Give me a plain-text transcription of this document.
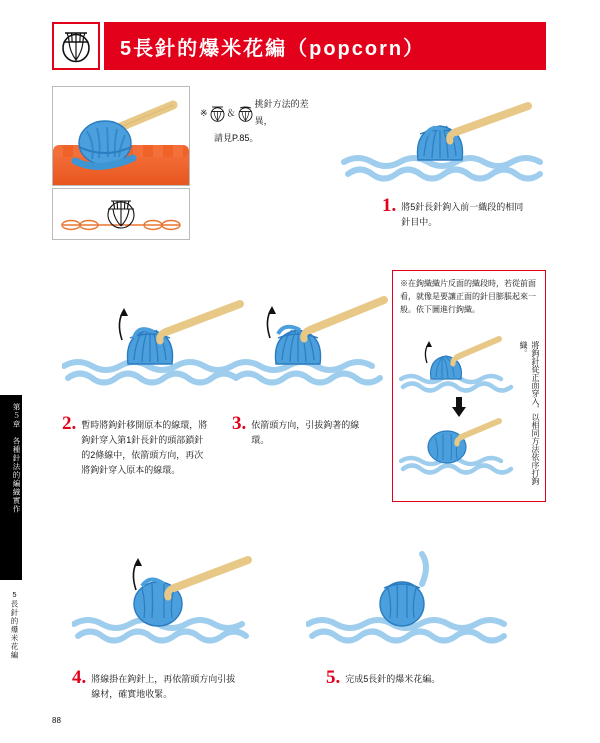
第５章　各種針法的編織實作
5長針的爆米花編
5長針的爆米花編（popcorn）
※ ＆
挑針方法的差異，
請見P.85。
1. 將5針長針鉤入前一織段的相同針目中。
2. 暫時將鉤針移開原本的線環，將鉤針穿入第1針長針的頭部鎖針的2條線中，依箭頭方向，再次將鉤針穿入原本的線環。
3. 依箭頭方向，引拔鉤著的線環。
※在鉤織織片反面的織段時，若從前面看，就像是要讓正面的針目膨脹起來一般。依下圖進行鉤織。
將鉤針從正面穿入，以相同方法依序打鉤織。
4. 將線掛在鉤針上，再依箭頭方向引拔線材，確實地收緊。
5. 完成5長針的爆米花編。
88
